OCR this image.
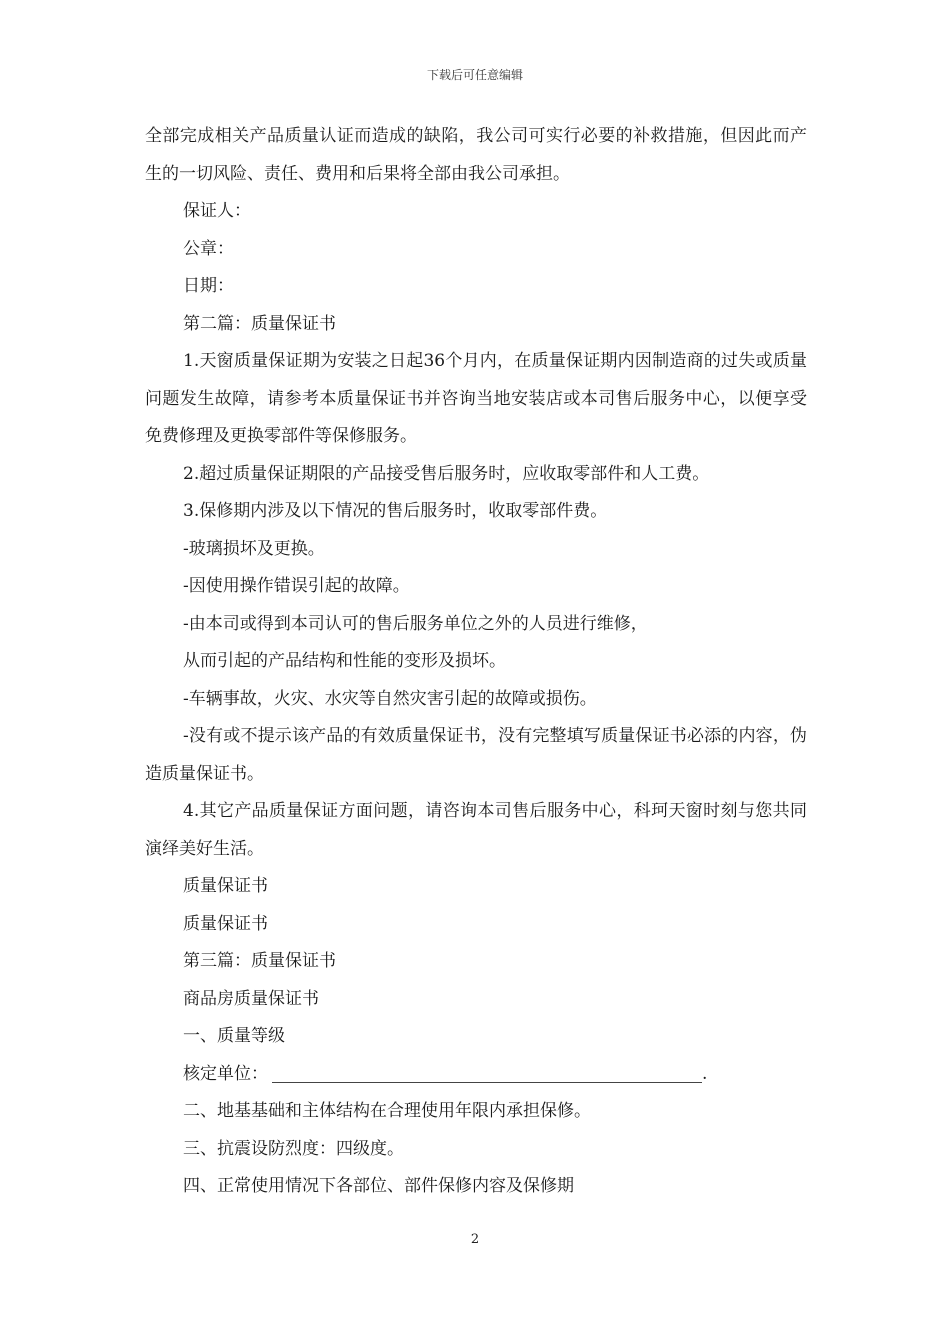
下载后可任意编辑

全部完成相关产品质量认证而造成的缺陷，我公司可实行必要的补救措施，但因此而产生的一切风险、责任、费用和后果将全部由我公司承担。

保证人：

公章：

日期：

第二篇：质量保证书

1.天窗质量保证期为安装之日起36个月内，在质量保证期内因制造商的过失或质量问题发生故障，请参考本质量保证书并咨询当地安装店或本司售后服务中心，以便享受免费修理及更换零部件等保修服务。

2.超过质量保证期限的产品接受售后服务时，应收取零部件和人工费。

3.保修期内涉及以下情况的售后服务时，收取零部件费。

-玻璃损坏及更换。

-因使用操作错误引起的故障。

-由本司或得到本司认可的售后服务单位之外的人员进行维修，

从而引起的产品结构和性能的变形及损坏。

-车辆事故，火灾、水灾等自然灾害引起的故障或损伤。

-没有或不提示该产品的有效质量保证书，没有完整填写质量保证书必添的内容，伪造质量保证书。

4.其它产品质量保证方面问题，请咨询本司售后服务中心，科珂天窗时刻与您共同演绎美好生活。

质量保证书

质量保证书

第三篇：质量保证书

商品房质量保证书

一、质量等级

核定单位：	.

二、地基基础和主体结构在合理使用年限内承担保修。

三、抗震设防烈度：四级度。

四、正常使用情况下各部位、部件保修内容及保修期

2
